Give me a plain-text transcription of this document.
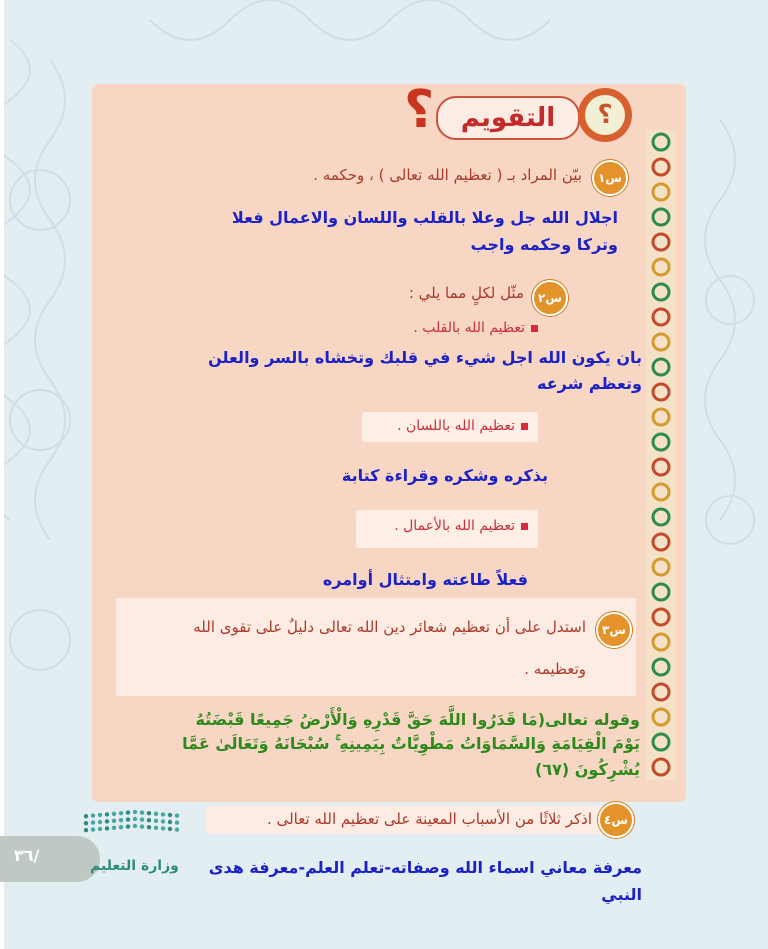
؟	التقويم	؟
س١
بيّن المراد بـ ( تعظيم الله تعالى ) ، وحكمه .
اجلال الله جل وعلا بالقلب واللسان والاعمال فعلا
وتركا وحكمه واجب
س٢
مثّل لكلٍ مما يلي :
تعظيم الله بالقلب .
بان يكون الله اجل شيء في قلبك وتخشاه بالسر والعلن
وتعظم شرعه
تعظيم الله باللسان .
بذكره وشكره وقراءة كتابة
تعظيم الله بالأعمال .
فعلاً طاعته وامتثال أوامره
س٣
استدل على أن تعظيم شعائر دين الله تعالى دليلٌ على تقوى الله
وتعظيمه .
وقوله تعالى(مَا قَدَرُوا اللَّهَ حَقَّ قَدْرِهِ وَالْأَرْضُ جَمِيعًا قَبْضَتُهُ
يَوْمَ الْقِيَامَةِ وَالسَّمَاوَاتُ مَطْوِيَّاتٌ بِيَمِينِهِ ۚ سُبْحَانَهُ وَتَعَالَىٰ عَمَّا
يُشْرِكُونَ (٦٧)
س٤
اذكر ثلاثًا من الأسباب المعينة على تعظيم الله تعالى .
معرفة معاني اسماء الله وصفاته-تعلم العلم-معرفة هدى
النبي
٣٦/
وزارة التعليم
